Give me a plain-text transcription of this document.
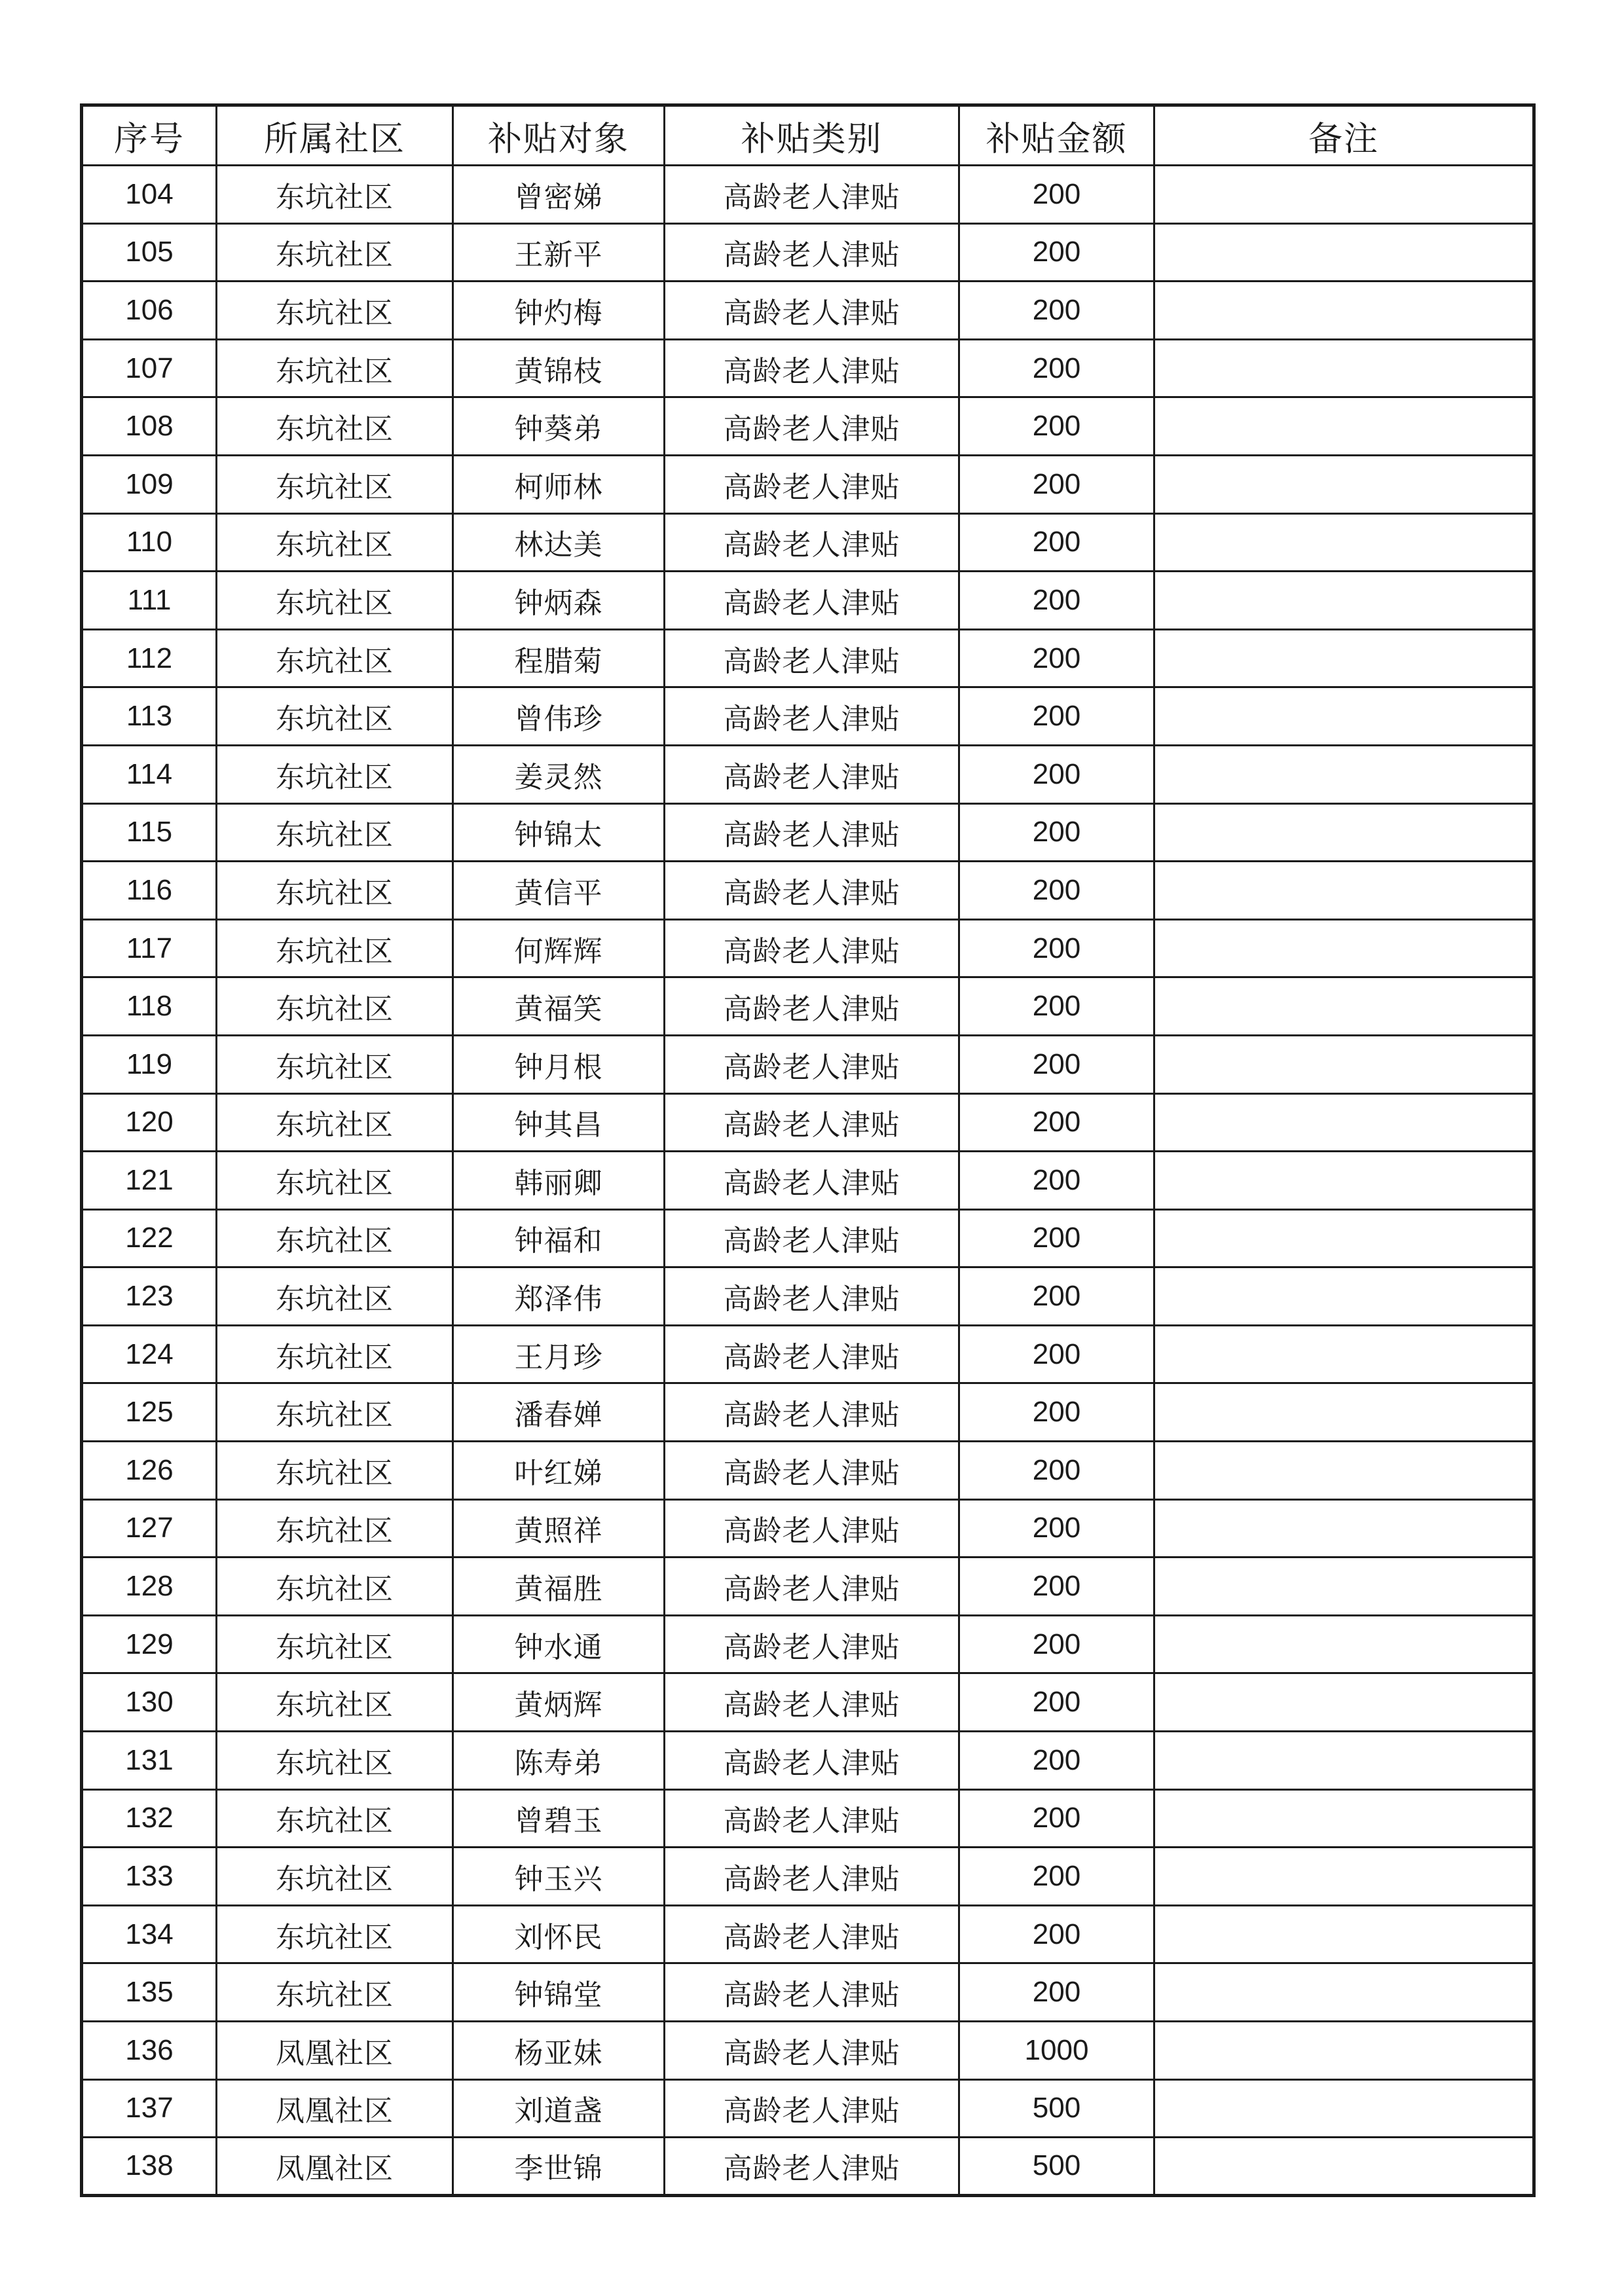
序号	所属社区	补贴对象	补贴类别	补贴金额	备注
104	东坑社区	曾密娣	高龄老人津贴	200	
105	东坑社区	王新平	高龄老人津贴	200	
106	东坑社区	钟灼梅	高龄老人津贴	200	
107	东坑社区	黄锦枝	高龄老人津贴	200	
108	东坑社区	钟葵弟	高龄老人津贴	200	
109	东坑社区	柯师林	高龄老人津贴	200	
110	东坑社区	林达美	高龄老人津贴	200	
111	东坑社区	钟炳森	高龄老人津贴	200	
112	东坑社区	程腊菊	高龄老人津贴	200	
113	东坑社区	曾伟珍	高龄老人津贴	200	
114	东坑社区	姜灵然	高龄老人津贴	200	
115	东坑社区	钟锦太	高龄老人津贴	200	
116	东坑社区	黄信平	高龄老人津贴	200	
117	东坑社区	何辉辉	高龄老人津贴	200	
118	东坑社区	黄福笑	高龄老人津贴	200	
119	东坑社区	钟月根	高龄老人津贴	200	
120	东坑社区	钟其昌	高龄老人津贴	200	
121	东坑社区	韩丽卿	高龄老人津贴	200	
122	东坑社区	钟福和	高龄老人津贴	200	
123	东坑社区	郑泽伟	高龄老人津贴	200	
124	东坑社区	王月珍	高龄老人津贴	200	
125	东坑社区	潘春婵	高龄老人津贴	200	
126	东坑社区	叶红娣	高龄老人津贴	200	
127	东坑社区	黄照祥	高龄老人津贴	200	
128	东坑社区	黄福胜	高龄老人津贴	200	
129	东坑社区	钟水通	高龄老人津贴	200	
130	东坑社区	黄炳辉	高龄老人津贴	200	
131	东坑社区	陈寿弟	高龄老人津贴	200	
132	东坑社区	曾碧玉	高龄老人津贴	200	
133	东坑社区	钟玉兴	高龄老人津贴	200	
134	东坑社区	刘怀民	高龄老人津贴	200	
135	东坑社区	钟锦堂	高龄老人津贴	200	
136	凤凰社区	杨亚妹	高龄老人津贴	1000	
137	凤凰社区	刘道盏	高龄老人津贴	500	
138	凤凰社区	李世锦	高龄老人津贴	500	
